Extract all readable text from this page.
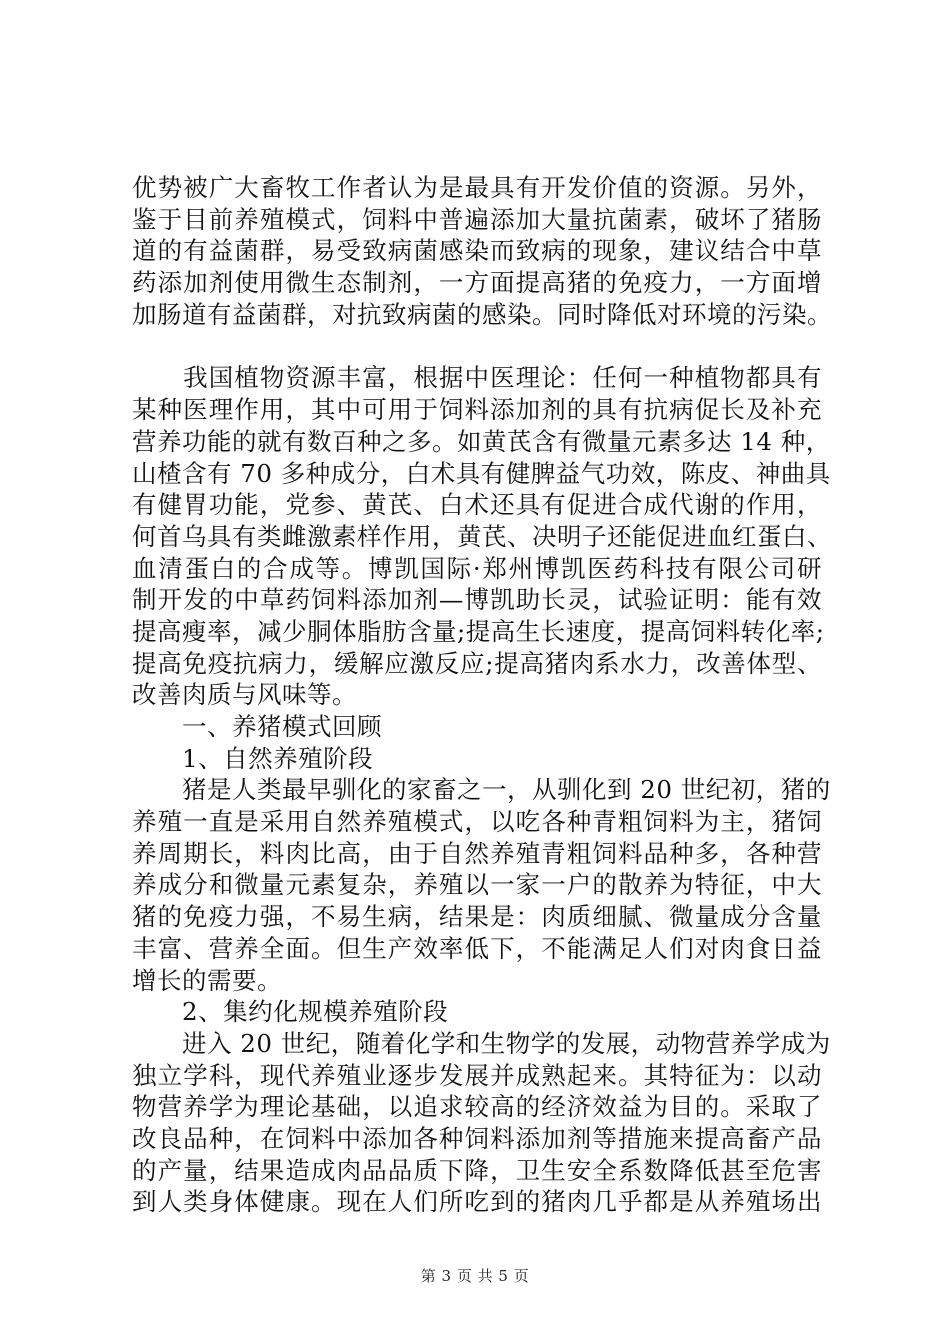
优势被广大畜牧工作者认为是最具有开发价值的资源。另外，
鉴于目前养殖模式，饲料中普遍添加大量抗菌素，破坏了猪肠
道的有益菌群，易受致病菌感染而致病的现象，建议结合中草
药添加剂使用微生态制剂，一方面提高猪的免疫力，一方面增
加肠道有益菌群，对抗致病菌的感染。同时降低对环境的污染。
　　我国植物资源丰富，根据中医理论：任何一种植物都具有
某种医理作用，其中可用于饲料添加剂的具有抗病促长及补充
营养功能的就有数百种之多。如黄芪含有微量元素多达 14 种，
山楂含有 70 多种成分，白术具有健脾益气功效，陈皮、神曲具
有健胃功能，党参、黄芪、白术还具有促进合成代谢的作用，
何首乌具有类雌激素样作用，黄芪、决明子还能促进血红蛋白、
血清蛋白的合成等。博凯国际·郑州博凯医药科技有限公司研
制开发的中草药饲料添加剂—博凯助长灵，试验证明：能有效
提高瘦率，减少胴体脂肪含量;提高生长速度，提高饲料转化率;
提高免疫抗病力，缓解应激反应;提高猪肉系水力，改善体型、
改善肉质与风味等。
　　一、养猪模式回顾
　　1、自然养殖阶段
　　猪是人类最早驯化的家畜之一，从驯化到 20 世纪初，猪的
养殖一直是采用自然养殖模式，以吃各种青粗饲料为主，猪饲
养周期长，料肉比高，由于自然养殖青粗饲料品种多，各种营
养成分和微量元素复杂，养殖以一家一户的散养为特征，中大
猪的免疫力强，不易生病，结果是：肉质细腻、微量成分含量
丰富、营养全面。但生产效率低下，不能满足人们对肉食日益
增长的需要。
　　2、集约化规模养殖阶段
　　进入 20 世纪，随着化学和生物学的发展，动物营养学成为
独立学科，现代养殖业逐步发展并成熟起来。其特征为：以动
物营养学为理论基础，以追求较高的经济效益为目的。采取了
改良品种，在饲料中添加各种饲料添加剂等措施来提高畜产品
的产量，结果造成肉品品质下降，卫生安全系数降低甚至危害
到人类身体健康。现在人们所吃到的猪肉几乎都是从养殖场出
第 3 页 共 5 页
